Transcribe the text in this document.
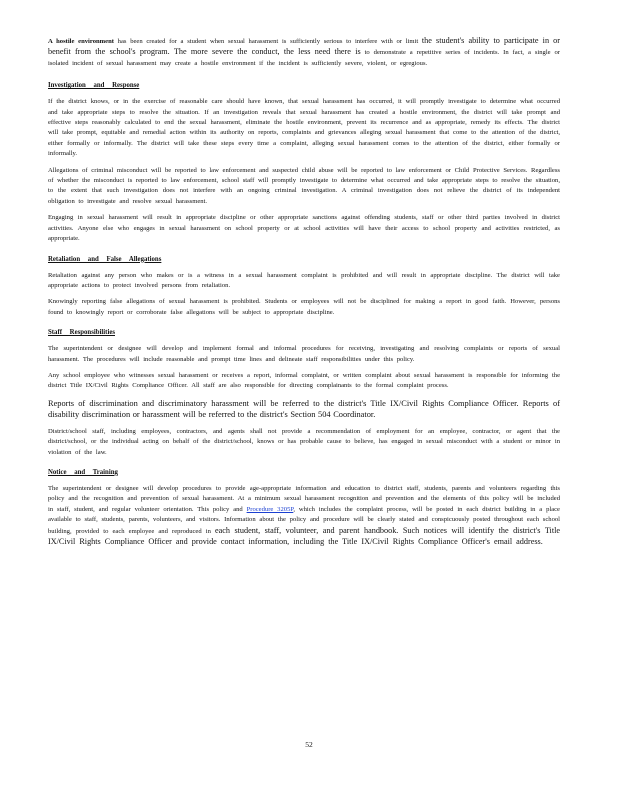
A hostile environment has been created for a student when sexual harassment is sufficiently serious to interfere with or limit the student's ability to participate in or benefit from the school's program. The more severe the conduct, the less need there is to demonstrate a repetitive series of incidents. In fact, a single or isolated incident of sexual harassment may create a hostile environment if the incident is sufficiently severe, violent, or egregious.

Investigation and Response

If the district knows, or in the exercise of reasonable care should have known, that sexual harassment has occurred, it will promptly investigate to determine what occurred and take appropriate steps to resolve the situation. If an investigation reveals that sexual harassment has created a hostile environment, the district will take prompt and effective steps reasonably calculated to end the sexual harassment, eliminate the hostile environment, prevent its recurrence and as appropriate, remedy its effects. The district will take prompt, equitable and remedial action within its authority on reports, complaints and grievances alleging sexual harassment that come to the attention of the district, either formally or informally. The district will take these steps every time a complaint, alleging sexual harassment comes to the attention of the district, either formally or informally.

Allegations of criminal misconduct will be reported to law enforcement and suspected child abuse will be reported to law enforcement or Child Protective Services. Regardless of whether the misconduct is reported to law enforcement, school staff will promptly investigate to determine what occurred and take appropriate steps to resolve the situation, to the extent that such investigation does not interfere with an ongoing criminal investigation. A criminal investigation does not relieve the district of its independent obligation to investigate and resolve sexual harassment.

Engaging in sexual harassment will result in appropriate discipline or other appropriate sanctions against offending students, staff or other third parties involved in district activities. Anyone else who engages in sexual harassment on school property or at school activities will have their access to school property and activities restricted, as appropriate.

Retaliation and False Allegations

Retaliation against any person who makes or is a witness in a sexual harassment complaint is prohibited and will result in appropriate discipline. The district will take appropriate actions to protect involved persons from retaliation.

Knowingly reporting false allegations of sexual harassment is prohibited. Students or employees will not be disciplined for making a report in good faith. However, persons found to knowingly report or corroborate false allegations will be subject to appropriate discipline.

Staff Responsibilities

The superintendent or designee will develop and implement formal and informal procedures for receiving, investigating and resolving complaints or reports of sexual harassment. The procedures will include reasonable and prompt time lines and delineate staff responsibilities under this policy.

Any school employee who witnesses sexual harassment or receives a report, informal complaint, or written complaint about sexual harassment is responsible for informing the district Title IX/Civil Rights Compliance Officer. All staff are also responsible for directing complainants to the formal complaint process.

Reports of discrimination and discriminatory harassment will be referred to the district's Title IX/Civil Rights Compliance Officer. Reports of disability discrimination or harassment will be referred to the district's Section 504 Coordinator.

District/school staff, including employees, contractors, and agents shall not provide a recommendation of employment for an employee, contractor, or agent that the district/school, or the individual acting on behalf of the district/school, knows or has probable cause to believe, has engaged in sexual misconduct with a student or minor in violation of the law.

Notice and Training

The superintendent or designee will develop procedures to provide age-appropriate information and education to district staff, students, parents and volunteers regarding this policy and the recognition and prevention of sexual harassment. At a minimum sexual harassment recognition and prevention and the elements of this policy will be included in staff, student, and regular volunteer orientation. This policy and Procedure 3205P, which includes the complaint process, will be posted in each district building in a place available to staff, students, parents, volunteers, and visitors. Information about the policy and procedure will be clearly stated and conspicuously posted throughout each school building, provided to each employee and reproduced in each student, staff, volunteer, and parent handbook. Such notices will identify the district's Title IX/Civil Rights Compliance Officer and provide contact information, including the Title IX/Civil Rights Compliance Officer's email address.

52
